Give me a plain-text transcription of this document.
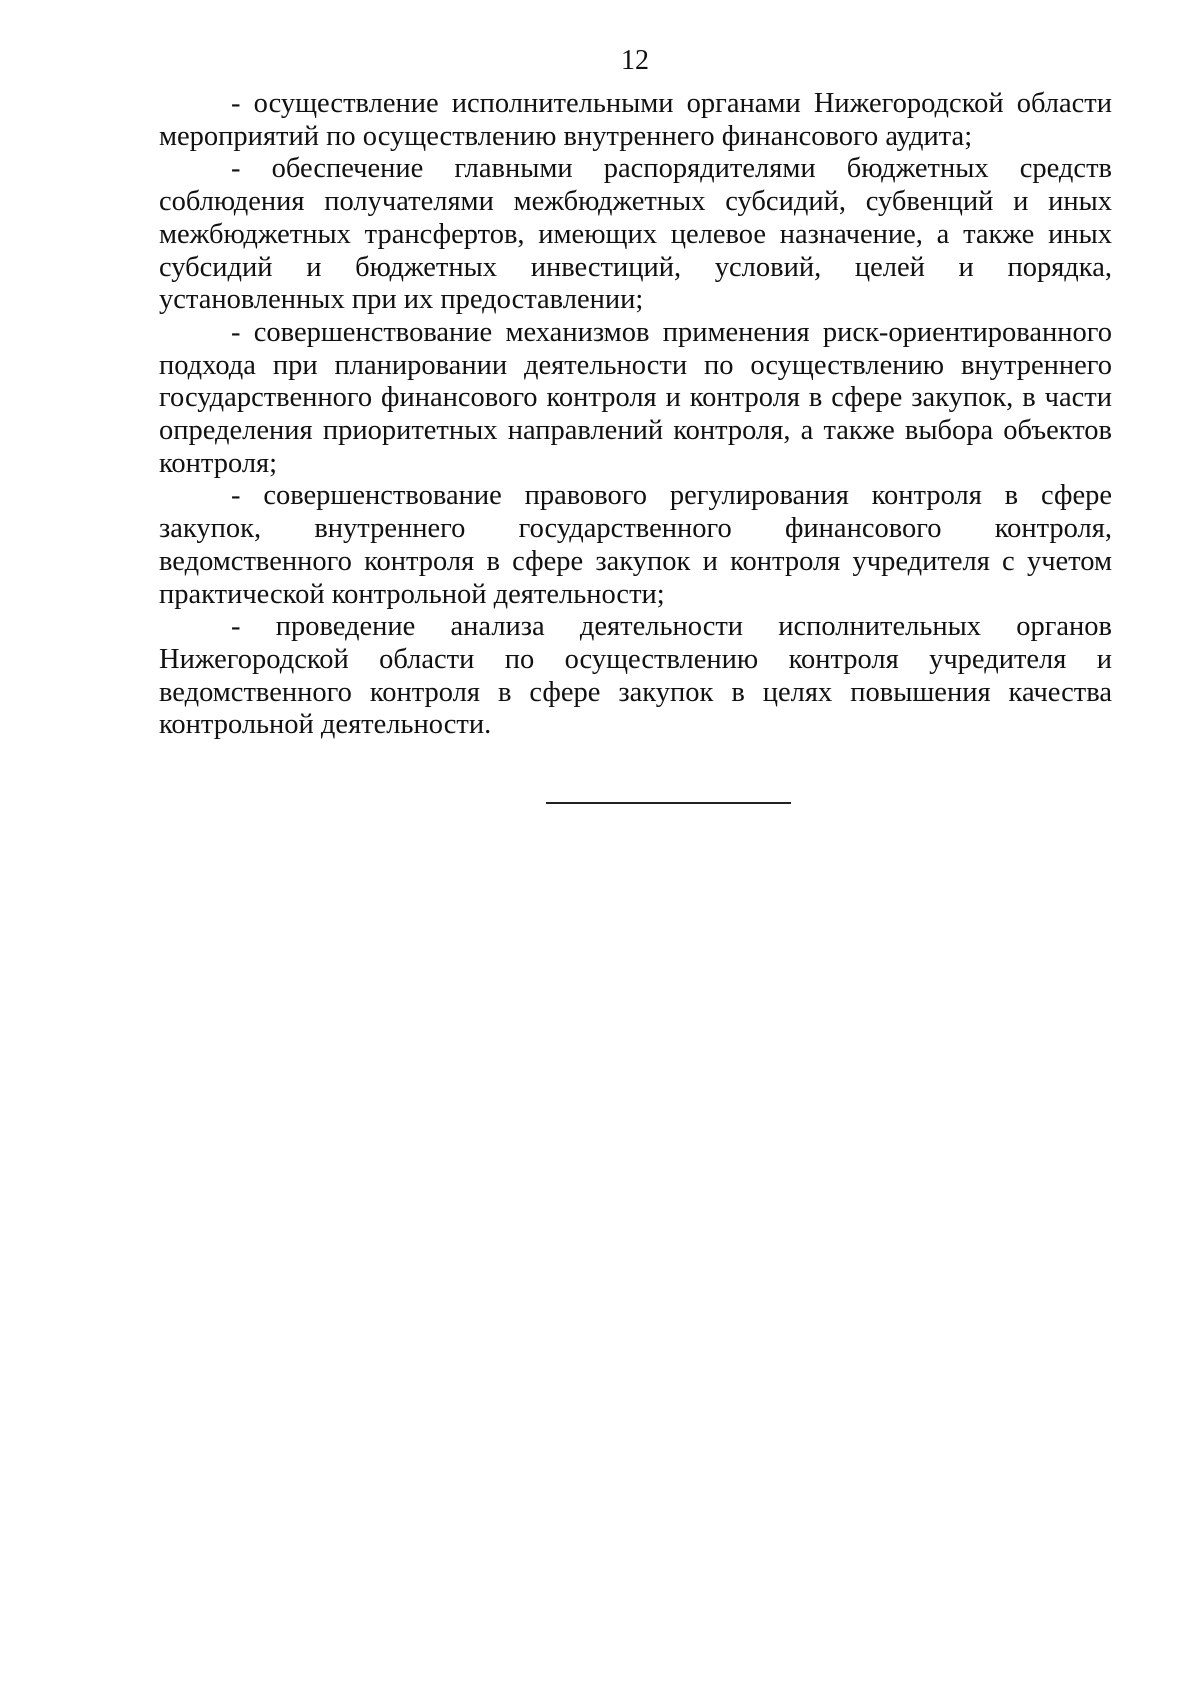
12

- осуществление исполнительными органами Нижегородской области мероприятий по осуществлению внутреннего финансового аудита;

- обеспечение главными распорядителями бюджетных средств соблюдения получателями межбюджетных субсидий, субвенций и иных межбюджетных трансфертов, имеющих целевое назначение, а также иных субсидий и бюджетных инвестиций, условий, целей и порядка, установленных при их предоставлении;

- совершенствование механизмов применения риск-ориентированного подхода при планировании деятельности по осуществлению внутреннего государственного финансового контроля и контроля в сфере закупок, в части определения приоритетных направлений контроля, а также выбора объектов контроля;

- совершенствование правового регулирования контроля в сфере закупок, внутреннего государственного финансового контроля, ведомственного контроля в сфере закупок и контроля учредителя с учетом практической контрольной деятельности;

- проведение анализа деятельности исполнительных органов Нижегородской области по осуществлению контроля учредителя и ведомственного контроля в сфере закупок в целях повышения качества контрольной деятельности.
